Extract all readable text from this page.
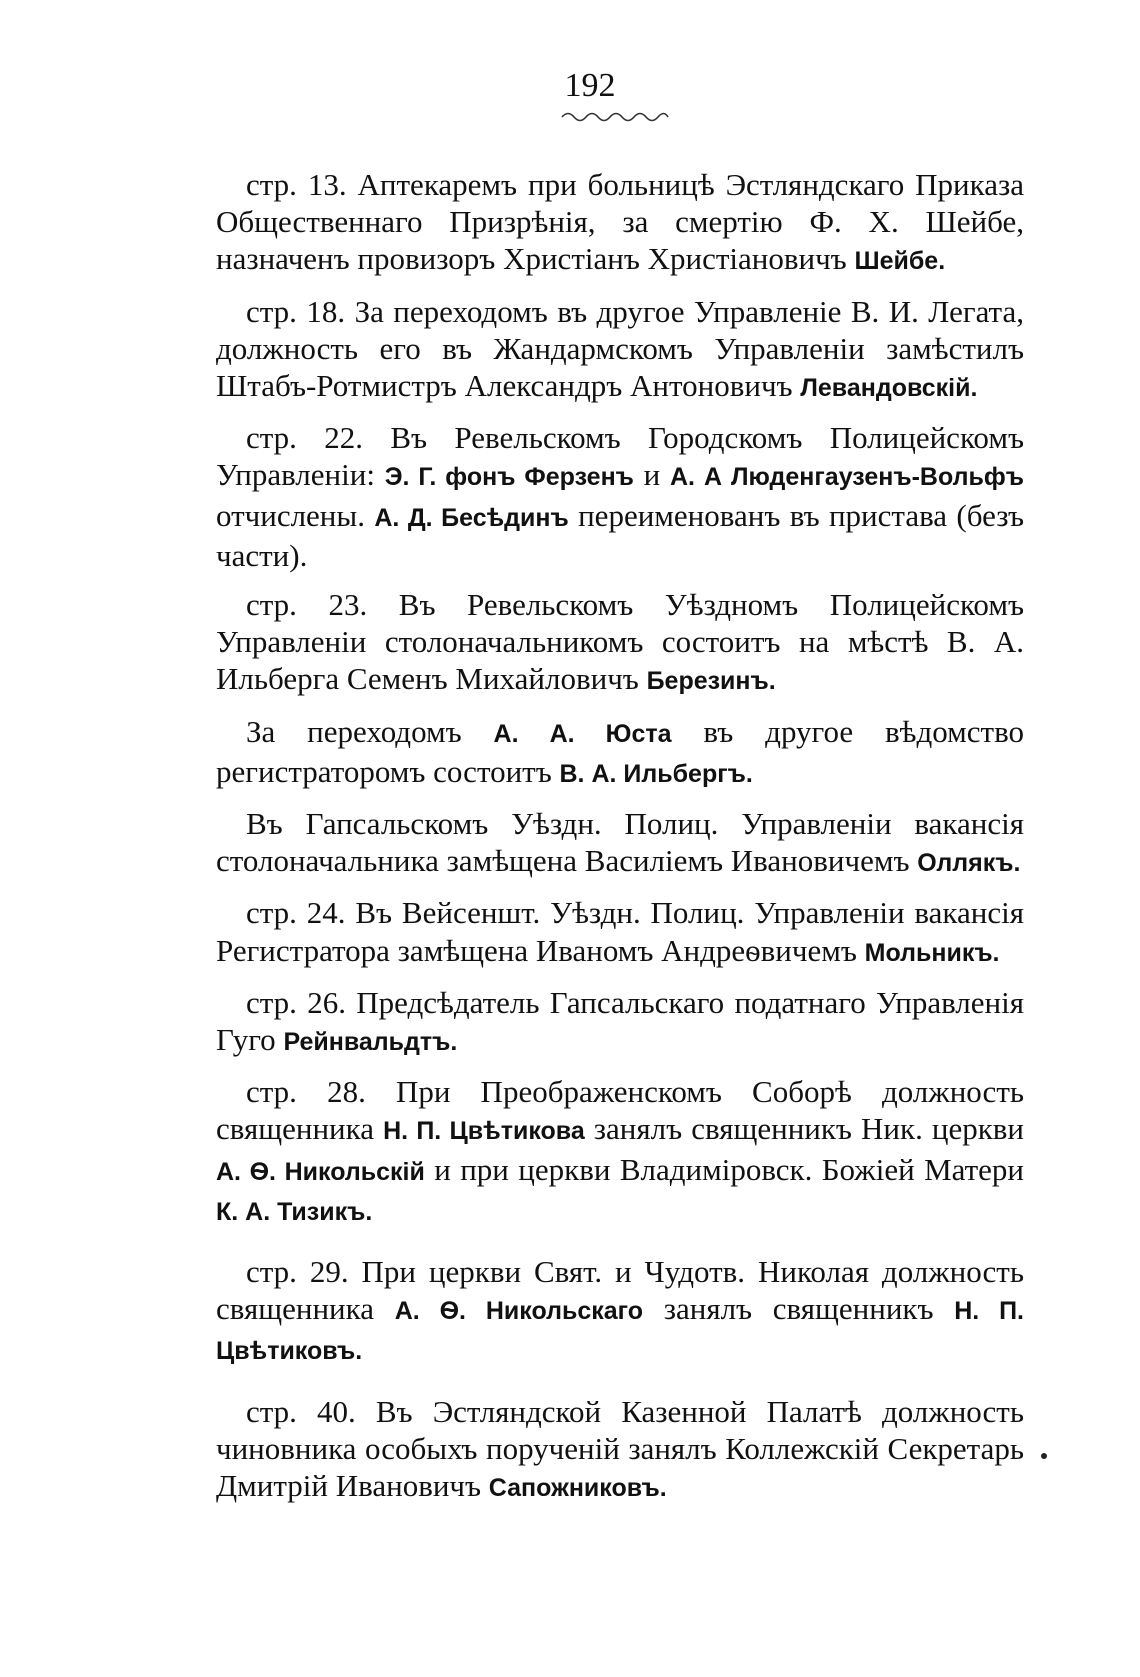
192

стр. 13. Аптекаремъ при больницѣ Эстляндскаго Приказа Общественнаго Призрѣнія, за смертію Ф. Х. Шейбе, назначенъ провизоръ Христіанъ Христіановичъ Шейбе.

стр. 18. За переходомъ въ другое Управленіе В. И. Легата, должность его въ Жандармскомъ Управленіи замѣстилъ Штабъ-Ротмистръ Александръ Антоновичъ Левандовскій.

стр. 22. Въ Ревельскомъ Городскомъ Полицейскомъ Управленіи: Э. Г. фонъ Ферзенъ и А. А Люденгаузенъ-Вольфъ отчислены. А. Д. Бесѣдинъ переименованъ въ пристава (безъ части).

стр. 23. Въ Ревельскомъ Уѣздномъ Полицейскомъ Управленіи столоначальникомъ состоитъ на мѣстѣ В. А. Ильберга Семенъ Михайловичъ Березинъ.

За переходомъ А. А. Юста въ другое вѣдомство регистраторомъ состоитъ В. А. Ильбергъ.

Въ Гапсальскомъ Уѣздн. Полиц. Управленіи вакансія столоначальника замѣщена Василіемъ Ивановичемъ Оллякъ.

стр. 24. Въ Вейсеншт. Уѣздн. Полиц. Управленіи вакансія Регистратора замѣщена Иваномъ Андреѳвичемъ Мольникъ.

стр. 26. Предсѣдатель Гапсальскаго податнаго Управленія Гуго Рейнвальдтъ.

стр. 28. При Преображенскомъ Соборѣ должность священника Н. П. Цвѣтикова занялъ священникъ Ник. церкви А. Ѳ. Никольскій и при церкви Владиміровск. Божіей Матери К. А. Тизикъ.

стр. 29. При церкви Свят. и Чудотв. Николая должность священника А. Ѳ. Никольскаго занялъ священникъ Н. П. Цвѣтиковъ.

стр. 40. Въ Эстляндской Казенной Палатѣ должность чиновника особыхъ порученій занялъ Коллежскій Секретарь Дмитрій Ивановичъ Сапожниковъ.
